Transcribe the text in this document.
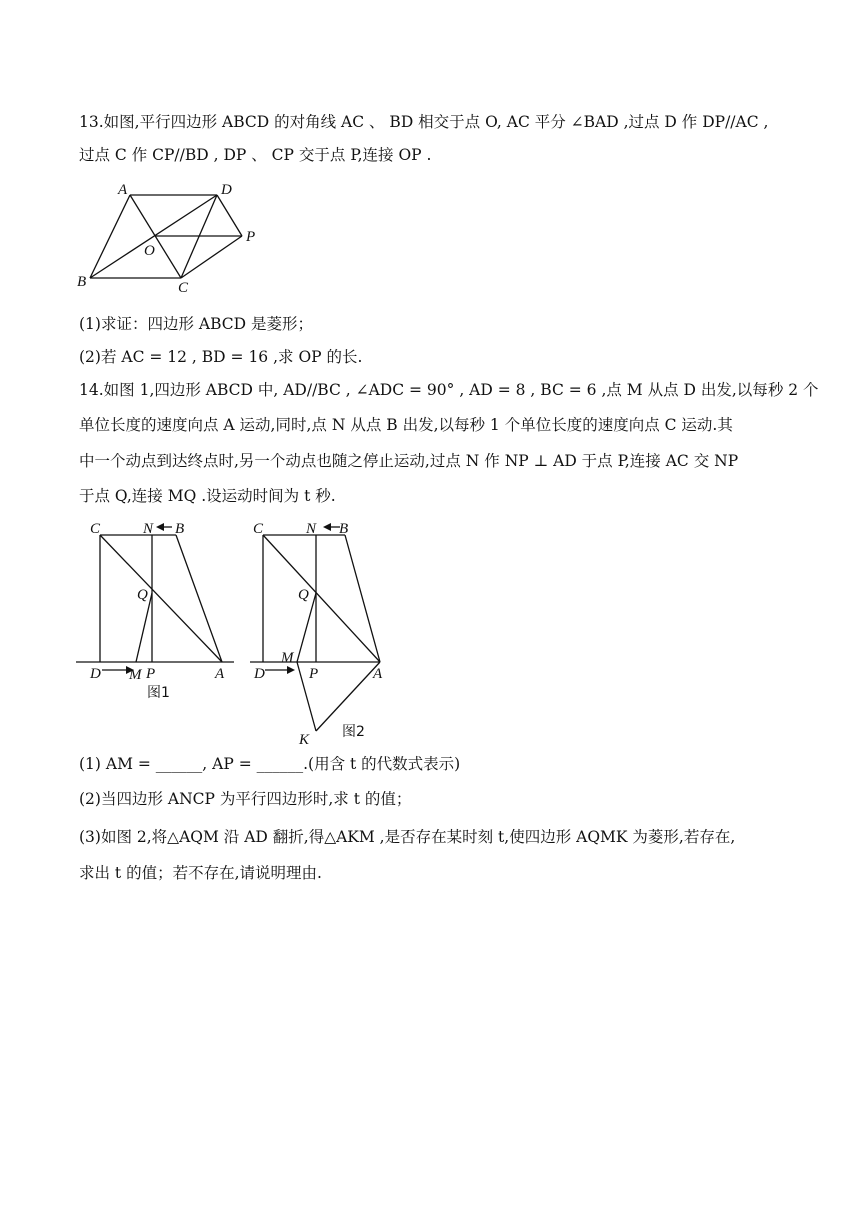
13.如图,平行四边形 ABCD 的对角线 AC 、 BD 相交于点 O, AC 平分 ∠BAD ,过点 D 作 DP//AC ,
过点 C 作 CP//BD , DP 、 CP 交于点 P,连接 OP .
A	D
O
P
B	C
(1)求证：四边形 ABCD 是菱形；
(2)若 AC = 12 , BD = 16 ,求 OP 的长.
14.如图 1,四边形 ABCD 中, AD//BC , ∠ADC = 90° , AD = 8 , BC = 6 ,点 M 从点 D 出发,以每秒 2 个
单位长度的速度向点 A 运动,同时,点 N 从点 B 出发,以每秒 1 个单位长度的速度向点 C 运动.其
中一个动点到达终点时,另一个动点也随之停止运动,过点 N 作 NP ⊥ AD 于点 P,连接 AC 交 NP
于点 Q,连接 MQ .设运动时间为 t 秒.
C	N B
Q
D M P	A
图1
C	N B
Q
M
D	P	A
K 图2
(1) AM = ______, AP = ______.(用含 t 的代数式表示)
(2)当四边形 ANCP 为平行四边形时,求 t 的值；
(3)如图 2,将△AQM 沿 AD 翻折,得△AKM ,是否存在某时刻 t,使四边形 AQMK 为菱形,若存在,
求出 t 的值；若不存在,请说明理由.
